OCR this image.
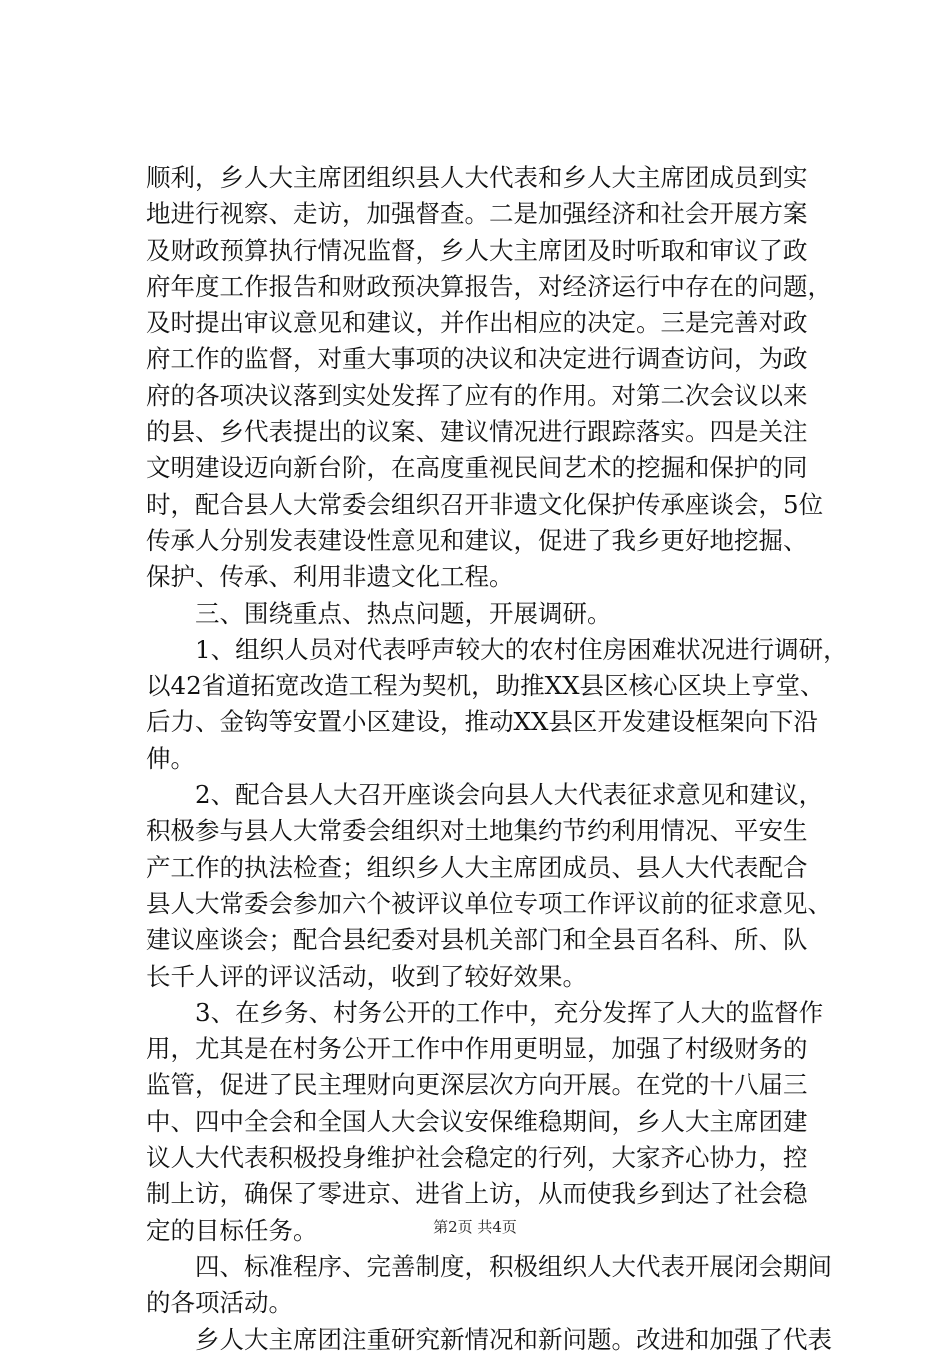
顺利，乡人大主席团组织县人大代表和乡人大主席团成员到实
地进行视察、走访，加强督查。二是加强经济和社会开展方案
及财政预算执行情况监督，乡人大主席团及时听取和审议了政
府年度工作报告和财政预决算报告，对经济运行中存在的问题，
及时提出审议意见和建议，并作出相应的决定。三是完善对政
府工作的监督，对重大事项的决议和决定进行调查访问，为政
府的各项决议落到实处发挥了应有的作用。对第二次会议以来
的县、乡代表提出的议案、建议情况进行跟踪落实。四是关注
文明建设迈向新台阶，在高度重视民间艺术的挖掘和保护的同
时，配合县人大常委会组织召开非遗文化保护传承座谈会，5位
传承人分别发表建设性意见和建议，促进了我乡更好地挖掘、
保护、传承、利用非遗文化工程。
　　三、围绕重点、热点问题，开展调研。
　　1、组织人员对代表呼声较大的农村住房困难状况进行调研，
以42省道拓宽改造工程为契机，助推XX县区核心区块上亨堂、
后力、金钩等安置小区建设，推动XX县区开发建设框架向下沿
伸。
　　2、配合县人大召开座谈会向县人大代表征求意见和建议，
积极参与县人大常委会组织对土地集约节约利用情况、平安生
产工作的执法检查；组织乡人大主席团成员、县人大代表配合
县人大常委会参加六个被评议单位专项工作评议前的征求意见、
建议座谈会；配合县纪委对县机关部门和全县百名科、所、队
长千人评的评议活动，收到了较好效果。
　　3、在乡务、村务公开的工作中，充分发挥了人大的监督作
用，尤其是在村务公开工作中作用更明显，加强了村级财务的
监管，促进了民主理财向更深层次方向开展。在党的十八届三
中、四中全会和全国人大会议安保维稳期间，乡人大主席团建
议人大代表积极投身维护社会稳定的行列，大家齐心协力，控
制上访，确保了零进京、进省上访，从而使我乡到达了社会稳
定的目标任务。
　　四、标准程序、完善制度，积极组织人大代表开展闭会期间
的各项活动。
　　乡人大主席团注重研究新情况和新问题。改进和加强了代表
第2页 共4页
